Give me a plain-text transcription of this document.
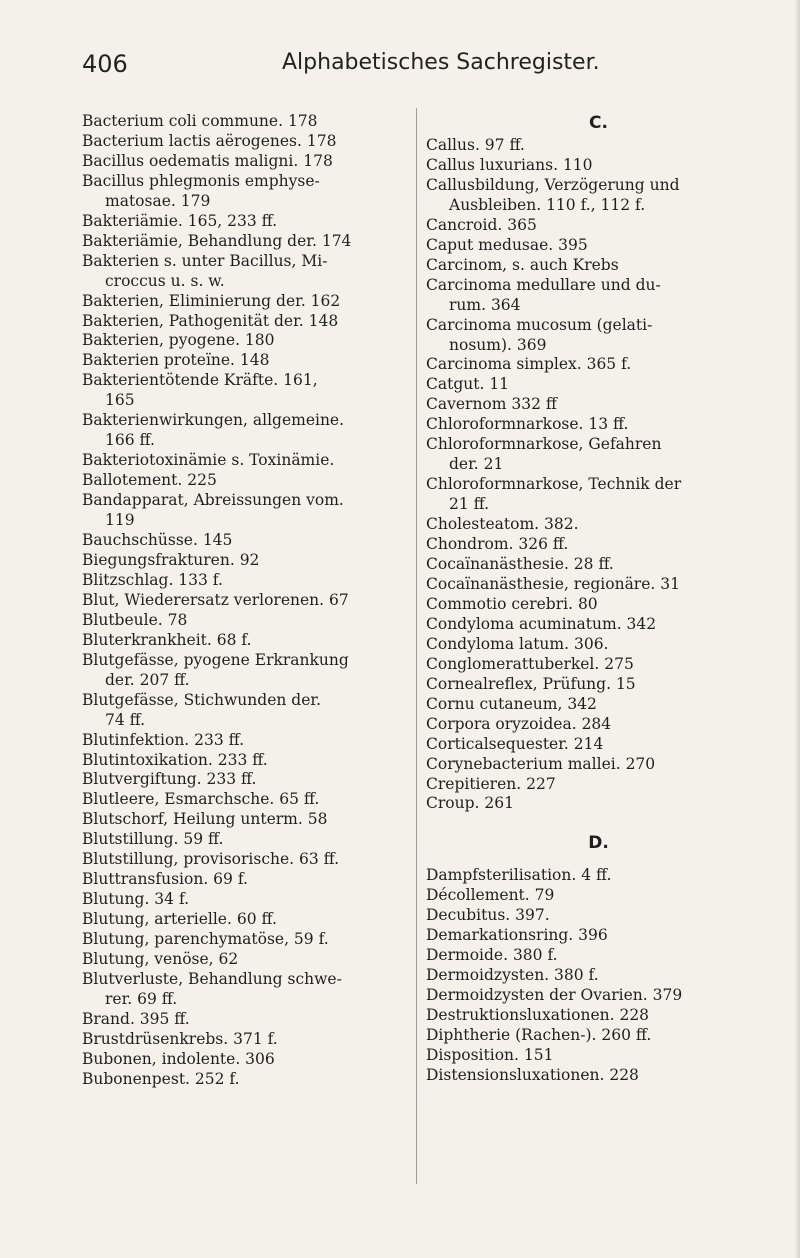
406	Alphabetisches Sachregister.

Bacterium coli commune. 178

Bacterium lactis aërogenes. 178

Bacillus oedematis maligni. 178

Bacillus phlegmonis emphyse-
matosae. 179

Bakteriämie. 165, 233 ff.

Bakteriämie, Behandlung der. 174

Bakterien s. unter Bacillus, Mi-
croccus u. s. w.

Bakterien, Eliminierung der. 162

Bakterien, Pathogenität der. 148

Bakterien, pyogene. 180

Bakterien proteïne. 148

Bakterientötende Kräfte. 161,
165

Bakterienwirkungen, allgemeine.
166 ff.

Bakteriotoxinämie s. Toxinämie.

Ballotement. 225

Bandapparat, Abreissungen vom.
119

Bauchschüsse. 145

Biegungsfrakturen. 92

Blitzschlag. 133 f.

Blut, Wiederersatz verlorenen. 67

Blutbeule. 78

Bluterkrankheit. 68 f.

Blutgefässe, pyogene Erkrankung
der. 207 ff.

Blutgefässe, Stichwunden der.
74 ff.

Blutinfektion. 233 ff.

Blutintoxikation. 233 ff.

Blutvergiftung. 233 ff.

Blutleere, Esmarchsche. 65 ff.

Blutschorf, Heilung unterm. 58

Blutstillung. 59 ff.

Blutstillung, provisorische. 63 ff.

Bluttransfusion. 69 f.

Blutung. 34 f.

Blutung, arterielle. 60 ff.

Blutung, parenchymatöse, 59 f.

Blutung, venöse, 62

Blutverluste, Behandlung schwe-
rer. 69 ff.

Brand. 395 ff.

Brustdrüsenkrebs. 371 f.

Bubonen, indolente. 306

Bubonenpest. 252 f.

C.

Callus. 97 ff.

Callus luxurians. 110

Callusbildung, Verzögerung und
Ausbleiben. 110 f., 112 f.

Cancroid. 365

Caput medusae. 395

Carcinom, s. auch Krebs

Carcinoma medullare und du-
rum. 364

Carcinoma mucosum (gelati-
nosum). 369

Carcinoma simplex. 365 f.

Catgut. 11

Cavernom 332 ff

Chloroformnarkose. 13 ff.

Chloroformnarkose, Gefahren
der. 21

Chloroformnarkose, Technik der
21 ff.

Cholesteatom. 382.

Chondrom. 326 ff.

Cocaïnanästhesie. 28 ff.

Cocaïnanästhesie, regionäre. 31

Commotio cerebri. 80

Condyloma acuminatum. 342

Condyloma latum. 306.

Conglomerattuberkel. 275

Cornealreflex, Prüfung. 15

Cornu cutaneum, 342

Corpora oryzoidea. 284

Corticalsequester. 214

Corynebacterium mallei. 270

Crepitieren. 227

Croup. 261

D.

Dampfsterilisation. 4 ff.

Décollement. 79

Decubitus. 397.

Demarkationsring. 396

Dermoide. 380 f.

Dermoidzysten. 380 f.

Dermoidzysten der Ovarien. 379

Destruktionsluxationen. 228

Diphtherie (Rachen-). 260 ff.

Disposition. 151

Distensionsluxationen. 228
